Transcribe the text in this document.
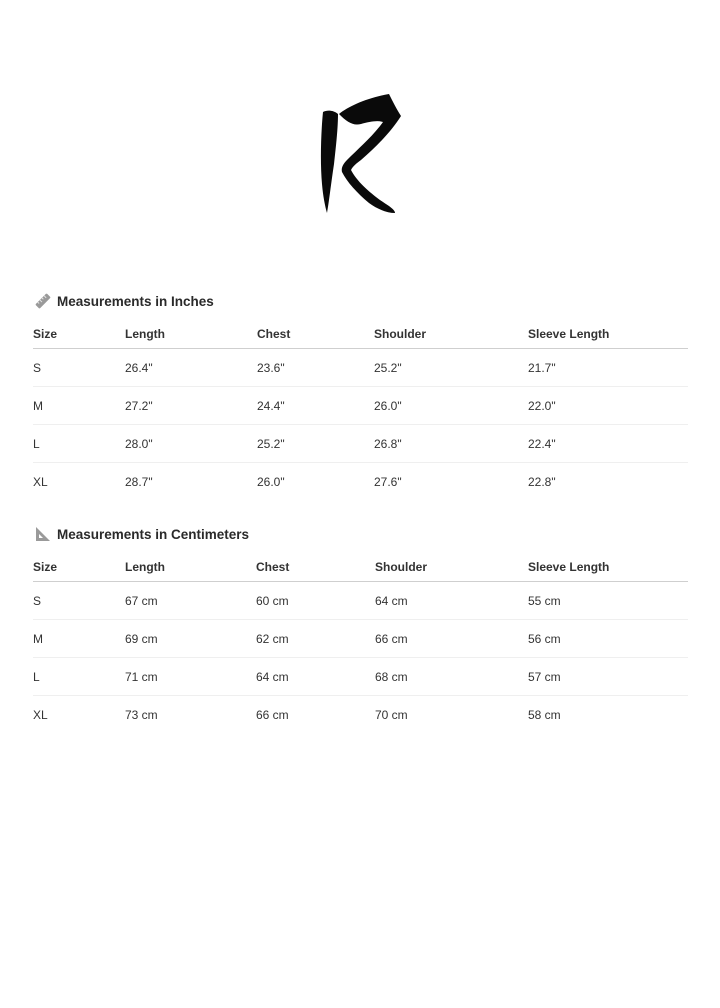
Measurements in Inches
Size	Length	Chest	Shoulder	Sleeve Length
S	26.4"	23.6"	25.2"	21.7"
M	27.2"	24.4"	26.0"	22.0"
L	28.0"	25.2"	26.8"	22.4"
XL	28.7"	26.0"	27.6"	22.8"
Measurements in Centimeters
Size	Length	Chest	Shoulder	Sleeve Length
S	67 cm	60 cm	64 cm	55 cm
M	69 cm	62 cm	66 cm	56 cm
L	71 cm	64 cm	68 cm	57 cm
XL	73 cm	66 cm	70 cm	58 cm
